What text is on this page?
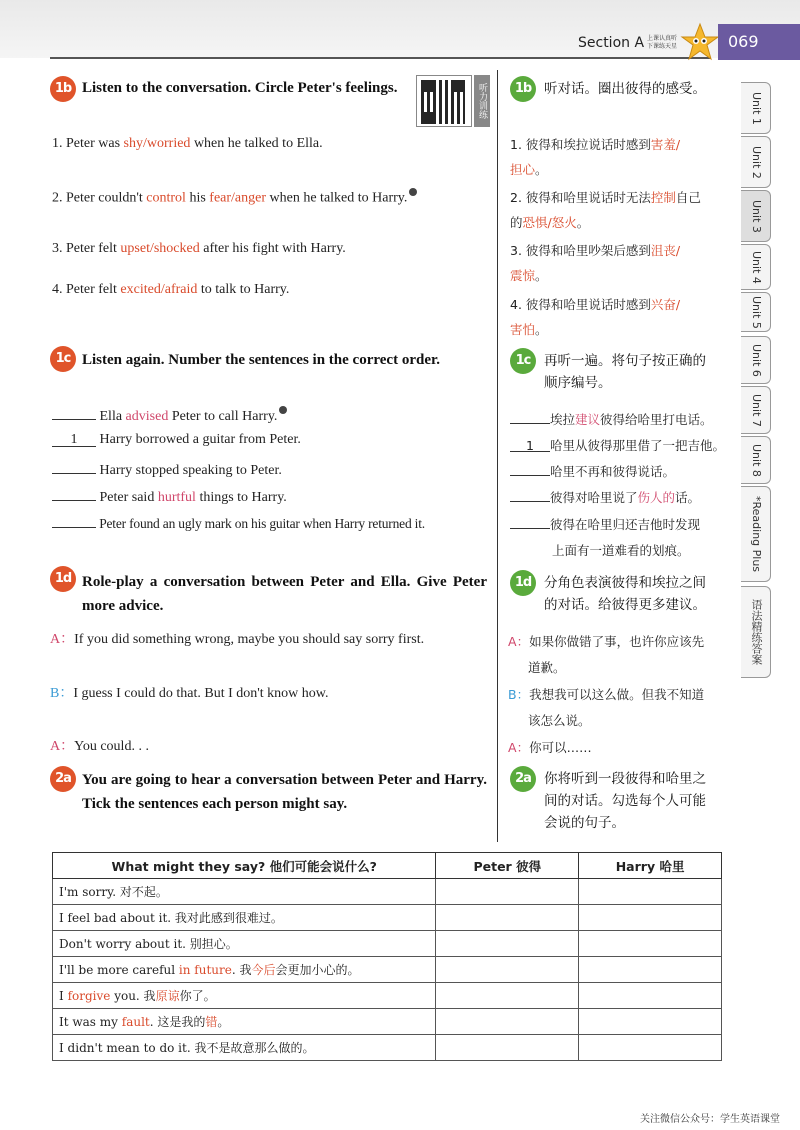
Section A 上课认真听
下课练天星	069
Unit 1
Unit 2
Unit 3
Unit 4
Unit 5
Unit 6
Unit 7
Unit 8
*Reading Plus
语法精练答案
1b Listen to the conversation. Circle Peter's feelings.	听力训练
1. Peter was shy/worried when he talked to Ella.
2. Peter couldn't control his fear/anger when he talked to Harry.
3. Peter felt upset/shocked after his fight with Harry.
4. Peter felt excited/afraid to talk to Harry.
1b 听对话。圈出彼得的感受。
1. 彼得和埃拉说话时感到害羞/
担心。
2. 彼得和哈里说话时无法控制自己
的恐惧/怒火。
3. 彼得和哈里吵架后感到沮丧/
震惊。
4. 彼得和哈里说话时感到兴奋/
害怕。
1c Listen again. Number the sentences in the correct order.
Ella advised Peter to call Harry.
1 Harry borrowed a guitar from Peter.
Harry stopped speaking to Peter.
Peter said hurtful things to Harry.
Peter found an ugly mark on his guitar when Harry returned it.
1c	再听一遍。将句子按正确的
顺序编号。
埃拉建议彼得给哈里打电话。
1 哈里从彼得那里借了一把吉他。
哈里不再和彼得说话。
彼得对哈里说了伤人的话。
彼得在哈里归还吉他时发现
上面有一道难看的划痕。
1d Role-play a conversation between Peter and Ella. Give Peter more advice.
A：If you did something wrong, maybe you should say sorry first.
B：I guess I could do that. But I don't know how.
A：You could. . .
1d 分角色表演彼得和埃拉之间
的对话。给彼得更多建议。
A：如果你做错了事，也许你应该先
道歉。
B：我想我可以这么做。但我不知道
该怎么说。
A：你可以……
2a You are going to hear a conversation between Peter and Harry. Tick the sentences each person might say.
2a 你将听到一段彼得和哈里之
间的对话。勾选每个人可能
会说的句子。
What might they say? 他们可能会说什么?	Peter 彼得	Harry 哈里
I'm sorry. 对不起。		
I feel bad about it. 我对此感到很难过。		
Don't worry about it. 别担心。		
I'll be more careful in future. 我今后会更加小心的。		
I forgive you. 我原谅你了。		
It was my fault. 这是我的错。		
I didn't mean to do it. 我不是故意那么做的。		
关注微信公众号：学生英语课堂
